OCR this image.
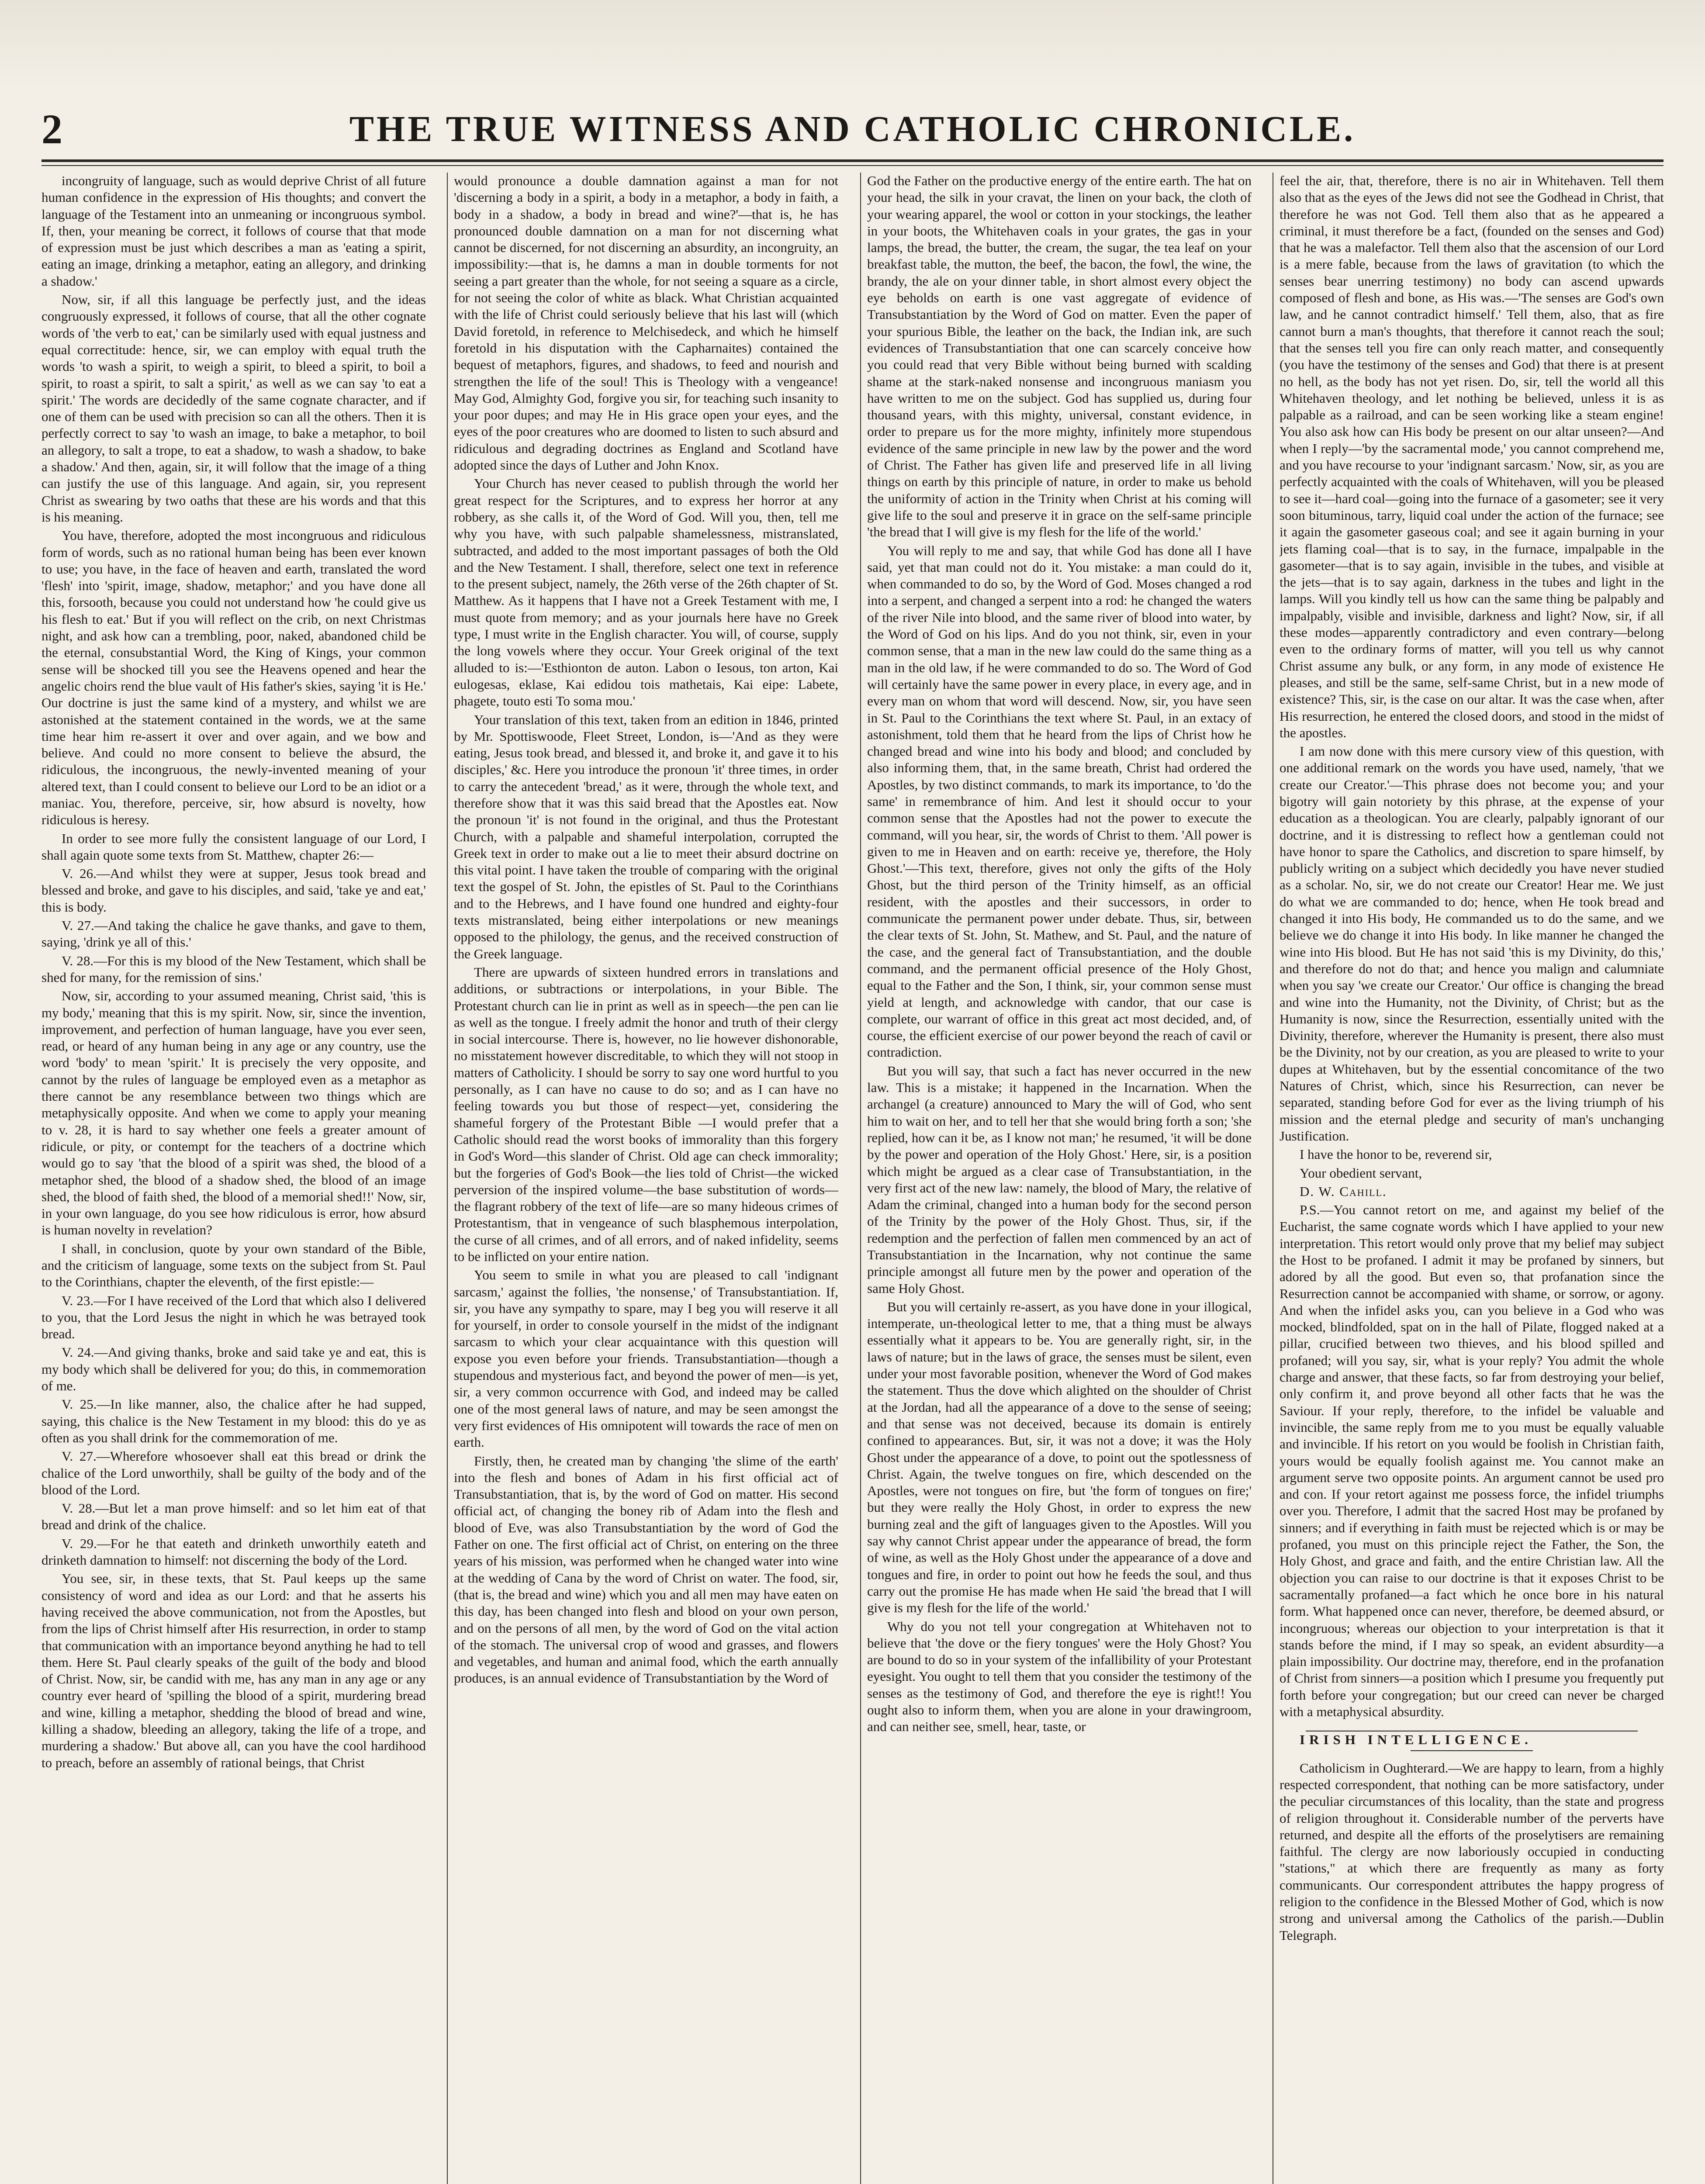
2	THE TRUE WITNESS AND CATHOLIC CHRONICLE.

incongruity of language, such as would deprive Christ of all future human confidence in the expression of His thoughts; and convert the language of the Testament into an unmeaning or incongruous symbol. If, then, your meaning be correct, it follows of course that that mode of expression must be just which describes a man as 'eating a spirit, eating an image, drinking a metaphor, eating an allegory, and drinking a shadow.'

Now, sir, if all this language be perfectly just, and the ideas congruously expressed, it follows of course, that all the other cognate words of 'the verb to eat,' can be similarly used with equal justness and equal correctitude: hence, sir, we can employ with equal truth the words 'to wash a spirit, to weigh a spirit, to bleed a spirit, to boil a spirit, to roast a spirit, to salt a spirit,' as well as we can say 'to eat a spirit.' The words are decidedly of the same cognate character, and if one of them can be used with precision so can all the others. Then it is perfectly correct to say 'to wash an image, to bake a metaphor, to boil an allegory, to salt a trope, to eat a shadow, to wash a shadow, to bake a shadow.' And then, again, sir, it will follow that the image of a thing can justify the use of this language. And again, sir, you represent Christ as swearing by two oaths that these are his words and that this is his meaning.

You have, therefore, adopted the most incongruous and ridiculous form of words, such as no rational human being has been ever known to use; you have, in the face of heaven and earth, translated the word 'flesh' into 'spirit, image, shadow, metaphor;' and you have done all this, forsooth, because you could not understand how 'he could give us his flesh to eat.' But if you will reflect on the crib, on next Christmas night, and ask how can a trembling, poor, naked, abandoned child be the eternal, consubstantial Word, the King of Kings, your common sense will be shocked till you see the Heavens opened and hear the angelic choirs rend the blue vault of His father's skies, saying 'it is He.' Our doctrine is just the same kind of a mystery, and whilst we are astonished at the statement contained in the words, we at the same time hear him re-assert it over and over again, and we bow and believe. And could no more consent to believe the absurd, the ridiculous, the incongruous, the newly-invented meaning of your altered text, than I could consent to believe our Lord to be an idiot or a maniac. You, therefore, perceive, sir, how absurd is novelty, how ridiculous is heresy.

In order to see more fully the consistent language of our Lord, I shall again quote some texts from St. Matthew, chapter 26:—

V. 26.—And whilst they were at supper, Jesus took bread and blessed and broke, and gave to his disciples, and said, 'take ye and eat,' this is body.

V. 27.—And taking the chalice he gave thanks, and gave to them, saying, 'drink ye all of this.'

V. 28.—For this is my blood of the New Testament, which shall be shed for many, for the remission of sins.'

Now, sir, according to your assumed meaning, Christ said, 'this is my body,' meaning that this is my spirit. Now, sir, since the invention, improvement, and perfection of human language, have you ever seen, read, or heard of any human being in any age or any country, use the word 'body' to mean 'spirit.' It is precisely the very opposite, and cannot by the rules of language be employed even as a metaphor as there cannot be any resemblance between two things which are metaphysically opposite. And when we come to apply your meaning to v. 28, it is hard to say whether one feels a greater amount of ridicule, or pity, or contempt for the teachers of a doctrine which would go to say 'that the blood of a spirit was shed, the blood of a metaphor shed, the blood of a shadow shed, the blood of an image shed, the blood of faith shed, the blood of a memorial shed!!' Now, sir, in your own language, do you see how ridiculous is error, how absurd is human novelty in revelation?

I shall, in conclusion, quote by your own standard of the Bible, and the criticism of language, some texts on the subject from St. Paul to the Corinthians, chapter the eleventh, of the first epistle:—

V. 23.—For I have received of the Lord that which also I delivered to you, that the Lord Jesus the night in which he was betrayed took bread.

V. 24.—And giving thanks, broke and said take ye and eat, this is my body which shall be delivered for you; do this, in commemoration of me.

V. 25.—In like manner, also, the chalice after he had supped, saying, this chalice is the New Testament in my blood: this do ye as often as you shall drink for the commemoration of me.

V. 27.—Wherefore whosoever shall eat this bread or drink the chalice of the Lord unworthily, shall be guilty of the body and of the blood of the Lord.

V. 28.—But let a man prove himself: and so let him eat of that bread and drink of the chalice.

V. 29.—For he that eateth and drinketh unworthily eateth and drinketh damnation to himself: not discerning the body of the Lord.

You see, sir, in these texts, that St. Paul keeps up the same consistency of word and idea as our Lord: and that he asserts his having received the above communication, not from the Apostles, but from the lips of Christ himself after His resurrection, in order to stamp that communication with an importance beyond anything he had to tell them. Here St. Paul clearly speaks of the guilt of the body and blood of Christ. Now, sir, be candid with me, has any man in any age or any country ever heard of 'spilling the blood of a spirit, murdering bread and wine, killing a metaphor, shedding the blood of bread and wine, killing a shadow, bleeding an allegory, taking the life of a trope, and murdering a shadow.' But above all, can you have the cool hardihood to preach, before an assembly of rational beings, that Christ

would pronounce a double damnation against a man for not 'discerning a body in a spirit, a body in a metaphor, a body in faith, a body in a shadow, a body in bread and wine?'—that is, he has pronounced double damnation on a man for not discerning what cannot be discerned, for not discerning an absurdity, an incongruity, an impossibility:—that is, he damns a man in double torments for not seeing a part greater than the whole, for not seeing a square as a circle, for not seeing the color of white as black. What Christian acquainted with the life of Christ could seriously believe that his last will (which David foretold, in reference to Melchisedeck, and which he himself foretold in his disputation with the Capharnaites) contained the bequest of metaphors, figures, and shadows, to feed and nourish and strengthen the life of the soul! This is Theology with a vengeance! May God, Almighty God, forgive you sir, for teaching such insanity to your poor dupes; and may He in His grace open your eyes, and the eyes of the poor creatures who are doomed to listen to such absurd and ridiculous and degrading doctrines as England and Scotland have adopted since the days of Luther and John Knox.

Your Church has never ceased to publish through the world her great respect for the Scriptures, and to express her horror at any robbery, as she calls it, of the Word of God. Will you, then, tell me why you have, with such palpable shamelessness, mistranslated, subtracted, and added to the most important passages of both the Old and the New Testament. I shall, therefore, select one text in reference to the present subject, namely, the 26th verse of the 26th chapter of St. Matthew. As it happens that I have not a Greek Testament with me, I must quote from memory; and as your journals here have no Greek type, I must write in the English character. You will, of course, supply the long vowels where they occur. Your Greek original of the text alluded to is:—'Esthionton de auton. Labon o Iesous, ton arton, Kai eulogesas, eklase, Kai edidou tois mathetais, Kai eipe: Labete, phagete, touto esti To soma mou.'

Your translation of this text, taken from an edition in 1846, printed by Mr. Spottiswoode, Fleet Street, London, is—'And as they were eating, Jesus took bread, and blessed it, and broke it, and gave it to his disciples,' &c. Here you introduce the pronoun 'it' three times, in order to carry the antecedent 'bread,' as it were, through the whole text, and therefore show that it was this said bread that the Apostles eat. Now the pronoun 'it' is not found in the original, and thus the Protestant Church, with a palpable and shameful interpolation, corrupted the Greek text in order to make out a lie to meet their absurd doctrine on this vital point. I have taken the trouble of comparing with the original text the gospel of St. John, the epistles of St. Paul to the Corinthians and to the Hebrews, and I have found one hundred and eighty-four texts mistranslated, being either interpolations or new meanings opposed to the philology, the genus, and the received construction of the Greek language.

There are upwards of sixteen hundred errors in translations and additions, or subtractions or interpolations, in your Bible. The Protestant church can lie in print as well as in speech—the pen can lie as well as the tongue. I freely admit the honor and truth of their clergy in social intercourse. There is, however, no lie however dishonorable, no misstatement however discreditable, to which they will not stoop in matters of Catholicity. I should be sorry to say one word hurtful to you personally, as I can have no cause to do so; and as I can have no feeling towards you but those of respect—yet, considering the shameful forgery of the Protestant Bible —I would prefer that a Catholic should read the worst books of immorality than this forgery in God's Word—this slander of Christ. Old age can check immorality; but the forgeries of God's Book—the lies told of Christ—the wicked perversion of the inspired volume—the base substitution of words—the flagrant robbery of the text of life—are so many hideous crimes of Protestantism, that in vengeance of such blasphemous interpolation, the curse of all crimes, and of all errors, and of naked infidelity, seems to be inflicted on your entire nation.

You seem to smile in what you are pleased to call 'indignant sarcasm,' against the follies, 'the nonsense,' of Transubstantiation. If, sir, you have any sympathy to spare, may I beg you will reserve it all for yourself, in order to console yourself in the midst of the indignant sarcasm to which your clear acquaintance with this question will expose you even before your friends. Transubstantiation—though a stupendous and mysterious fact, and beyond the power of men—is yet, sir, a very common occurrence with God, and indeed may be called one of the most general laws of nature, and may be seen amongst the very first evidences of His omnipotent will towards the race of men on earth.

Firstly, then, he created man by changing 'the slime of the earth' into the flesh and bones of Adam in his first official act of Transubstantiation, that is, by the word of God on matter. His second official act, of changing the boney rib of Adam into the flesh and blood of Eve, was also Transubstantiation by the word of God the Father on one. The first official act of Christ, on entering on the three years of his mission, was performed when he changed water into wine at the wedding of Cana by the word of Christ on water. The food, sir, (that is, the bread and wine) which you and all men may have eaten on this day, has been changed into flesh and blood on your own person, and on the persons of all men, by the word of God on the vital action of the stomach. The universal crop of wood and grasses, and flowers and vegetables, and human and animal food, which the earth annually produces, is an annual evidence of Transubstantiation by the Word of

God the Father on the productive energy of the entire earth. The hat on your head, the silk in your cravat, the linen on your back, the cloth of your wearing apparel, the wool or cotton in your stockings, the leather in your boots, the Whitehaven coals in your grates, the gas in your lamps, the bread, the butter, the cream, the sugar, the tea leaf on your breakfast table, the mutton, the beef, the bacon, the fowl, the wine, the brandy, the ale on your dinner table, in short almost every object the eye beholds on earth is one vast aggregate of evidence of Transubstantiation by the Word of God on matter. Even the paper of your spurious Bible, the leather on the back, the Indian ink, are such evidences of Transubstantiation that one can scarcely conceive how you could read that very Bible without being burned with scalding shame at the stark-naked nonsense and incongruous maniasm you have written to me on the subject. God has supplied us, during four thousand years, with this mighty, universal, constant evidence, in order to prepare us for the more mighty, infinitely more stupendous evidence of the same principle in new law by the power and the word of Christ. The Father has given life and preserved life in all living things on earth by this principle of nature, in order to make us behold the uniformity of action in the Trinity when Christ at his coming will give life to the soul and preserve it in grace on the self-same principle 'the bread that I will give is my flesh for the life of the world.'

You will reply to me and say, that while God has done all I have said, yet that man could not do it. You mistake: a man could do it, when commanded to do so, by the Word of God. Moses changed a rod into a serpent, and changed a serpent into a rod: he changed the waters of the river Nile into blood, and the same river of blood into water, by the Word of God on his lips. And do you not think, sir, even in your common sense, that a man in the new law could do the same thing as a man in the old law, if he were commanded to do so. The Word of God will certainly have the same power in every place, in every age, and in every man on whom that word will descend. Now, sir, you have seen in St. Paul to the Corinthians the text where St. Paul, in an extacy of astonishment, told them that he heard from the lips of Christ how he changed bread and wine into his body and blood; and concluded by also informing them, that, in the same breath, Christ had ordered the Apostles, by two distinct commands, to mark its importance, to 'do the same' in remembrance of him. And lest it should occur to your common sense that the Apostles had not the power to execute the command, will you hear, sir, the words of Christ to them. 'All power is given to me in Heaven and on earth: receive ye, therefore, the Holy Ghost.'—This text, therefore, gives not only the gifts of the Holy Ghost, but the third person of the Trinity himself, as an official resident, with the apostles and their successors, in order to communicate the permanent power under debate. Thus, sir, between the clear texts of St. John, St. Mathew, and St. Paul, and the nature of the case, and the general fact of Transubstantiation, and the double command, and the permanent official presence of the Holy Ghost, equal to the Father and the Son, I think, sir, your common sense must yield at length, and acknowledge with candor, that our case is complete, our warrant of office in this great act most decided, and, of course, the efficient exercise of our power beyond the reach of cavil or contradiction.

But you will say, that such a fact has never occurred in the new law. This is a mistake; it happened in the Incarnation. When the archangel (a creature) announced to Mary the will of God, who sent him to wait on her, and to tell her that she would bring forth a son; 'she replied, how can it be, as I know not man;' he resumed, 'it will be done by the power and operation of the Holy Ghost.' Here, sir, is a position which might be argued as a clear case of Transubstantiation, in the very first act of the new law: namely, the blood of Mary, the relative of Adam the criminal, changed into a human body for the second person of the Trinity by the power of the Holy Ghost. Thus, sir, if the redemption and the perfection of fallen men commenced by an act of Transubstantiation in the Incarnation, why not continue the same principle amongst all future men by the power and operation of the same Holy Ghost.

But you will certainly re-assert, as you have done in your illogical, intemperate, un-theological letter to me, that a thing must be always essentially what it appears to be. You are generally right, sir, in the laws of nature; but in the laws of grace, the senses must be silent, even under your most favorable position, whenever the Word of God makes the statement. Thus the dove which alighted on the shoulder of Christ at the Jordan, had all the appearance of a dove to the sense of seeing; and that sense was not deceived, because its domain is entirely confined to appearances. But, sir, it was not a dove; it was the Holy Ghost under the appearance of a dove, to point out the spotlessness of Christ. Again, the twelve tongues on fire, which descended on the Apostles, were not tongues on fire, but 'the form of tongues on fire;' but they were really the Holy Ghost, in order to express the new burning zeal and the gift of languages given to the Apostles. Will you say why cannot Christ appear under the appearance of bread, the form of wine, as well as the Holy Ghost under the appearance of a dove and tongues and fire, in order to point out how he feeds the soul, and thus carry out the promise He has made when He said 'the bread that I will give is my flesh for the life of the world.'

Why do you not tell your congregation at Whitehaven not to believe that 'the dove or the fiery tongues' were the Holy Ghost? You are bound to do so in your system of the infallibility of your Protestant eyesight. You ought to tell them that you consider the testimony of the senses as the testimony of God, and therefore the eye is right!! You ought also to inform them, when you are alone in your drawingroom, and can neither see, smell, hear, taste, or

feel the air, that, therefore, there is no air in Whitehaven. Tell them also that as the eyes of the Jews did not see the Godhead in Christ, that therefore he was not God. Tell them also that as he appeared a criminal, it must therefore be a fact, (founded on the senses and God) that he was a malefactor. Tell them also that the ascension of our Lord is a mere fable, because from the laws of gravitation (to which the senses bear unerring testimony) no body can ascend upwards composed of flesh and bone, as His was.—'The senses are God's own law, and he cannot contradict himself.' Tell them, also, that as fire cannot burn a man's thoughts, that therefore it cannot reach the soul; that the senses tell you fire can only reach matter, and consequently (you have the testimony of the senses and God) that there is at present no hell, as the body has not yet risen. Do, sir, tell the world all this Whitehaven theology, and let nothing be believed, unless it is as palpable as a railroad, and can be seen working like a steam engine! You also ask how can His body be present on our altar unseen?—And when I reply—'by the sacramental mode,' you cannot comprehend me, and you have recourse to your 'indignant sarcasm.' Now, sir, as you are perfectly acquainted with the coals of Whitehaven, will you be pleased to see it—hard coal—going into the furnace of a gasometer; see it very soon bituminous, tarry, liquid coal under the action of the furnace; see it again the gasometer gaseous coal; and see it again burning in your jets flaming coal—that is to say, in the furnace, impalpable in the gasometer—that is to say again, invisible in the tubes, and visible at the jets—that is to say again, darkness in the tubes and light in the lamps. Will you kindly tell us how can the same thing be palpably and impalpably, visible and invisible, darkness and light? Now, sir, if all these modes—apparently contradictory and even contrary—belong even to the ordinary forms of matter, will you tell us why cannot Christ assume any bulk, or any form, in any mode of existence He pleases, and still be the same, self-same Christ, but in a new mode of existence? This, sir, is the case on our altar. It was the case when, after His resurrection, he entered the closed doors, and stood in the midst of the apostles.

I am now done with this mere cursory view of this question, with one additional remark on the words you have used, namely, 'that we create our Creator.'—This phrase does not become you; and your bigotry will gain notoriety by this phrase, at the expense of your education as a theologican. You are clearly, palpably ignorant of our doctrine, and it is distressing to reflect how a gentleman could not have honor to spare the Catholics, and discretion to spare himself, by publicly writing on a subject which decidedly you have never studied as a scholar. No, sir, we do not create our Creator! Hear me. We just do what we are commanded to do; hence, when He took bread and changed it into His body, He commanded us to do the same, and we believe we do change it into His body. In like manner he changed the wine into His blood. But He has not said 'this is my Divinity, do this,' and therefore do not do that; and hence you malign and calumniate when you say 'we create our Creator.' Our office is changing the bread and wine into the Humanity, not the Divinity, of Christ; but as the Humanity is now, since the Resurrection, essentially united with the Divinity, therefore, wherever the Humanity is present, there also must be the Divinity, not by our creation, as you are pleased to write to your dupes at Whitehaven, but by the essential concomitance of the two Natures of Christ, which, since his Resurrection, can never be separated, standing before God for ever as the living triumph of his mission and the eternal pledge and security of man's unchanging Justification.

I have the honor to be, reverend sir,

Your obedient servant,

D. W. Cahill.

P.S.—You cannot retort on me, and against my belief of the Eucharist, the same cognate words which I have applied to your new interpretation. This retort would only prove that my belief may subject the Host to be profaned. I admit it may be profaned by sinners, but adored by all the good. But even so, that profanation since the Resurrection cannot be accompanied with shame, or sorrow, or agony. And when the infidel asks you, can you believe in a God who was mocked, blindfolded, spat on in the hall of Pilate, flogged naked at a pillar, crucified between two thieves, and his blood spilled and profaned; will you say, sir, what is your reply? You admit the whole charge and answer, that these facts, so far from destroying your belief, only confirm it, and prove beyond all other facts that he was the Saviour. If your reply, therefore, to the infidel be valuable and invincible, the same reply from me to you must be equally valuable and invincible. If his retort on you would be foolish in Christian faith, yours would be equally foolish against me. You cannot make an argument serve two opposite points. An argument cannot be used pro and con. If your retort against me possess force, the infidel triumphs over you. Therefore, I admit that the sacred Host may be profaned by sinners; and if everything in faith must be rejected which is or may be profaned, you must on this principle reject the Father, the Son, the Holy Ghost, and grace and faith, and the entire Christian law. All the objection you can raise to our doctrine is that it exposes Christ to be sacramentally profaned—a fact which he once bore in his natural form. What happened once can never, therefore, be deemed absurd, or incongruous; whereas our objection to your interpretation is that it stands before the mind, if I may so speak, an evident absurdity—a plain impossibility. Our doctrine may, therefore, end in the profanation of Christ from sinners—a position which I presume you frequently put forth before your congregation; but our creed can never be charged with a metaphysical absurdity.

IRISH INTELLIGENCE.

Catholicism in Oughterard.—We are happy to learn, from a highly respected correspondent, that nothing can be more satisfactory, under the peculiar circumstances of this locality, than the state and progress of religion throughout it. Considerable number of the perverts have returned, and despite all the efforts of the proselytisers are remaining faithful. The clergy are now laboriously occupied in conducting "stations," at which there are frequently as many as forty communicants. Our correspondent attributes the happy progress of religion to the confidence in the Blessed Mother of God, which is now strong and universal among the Catholics of the parish.—Dublin Telegraph.
